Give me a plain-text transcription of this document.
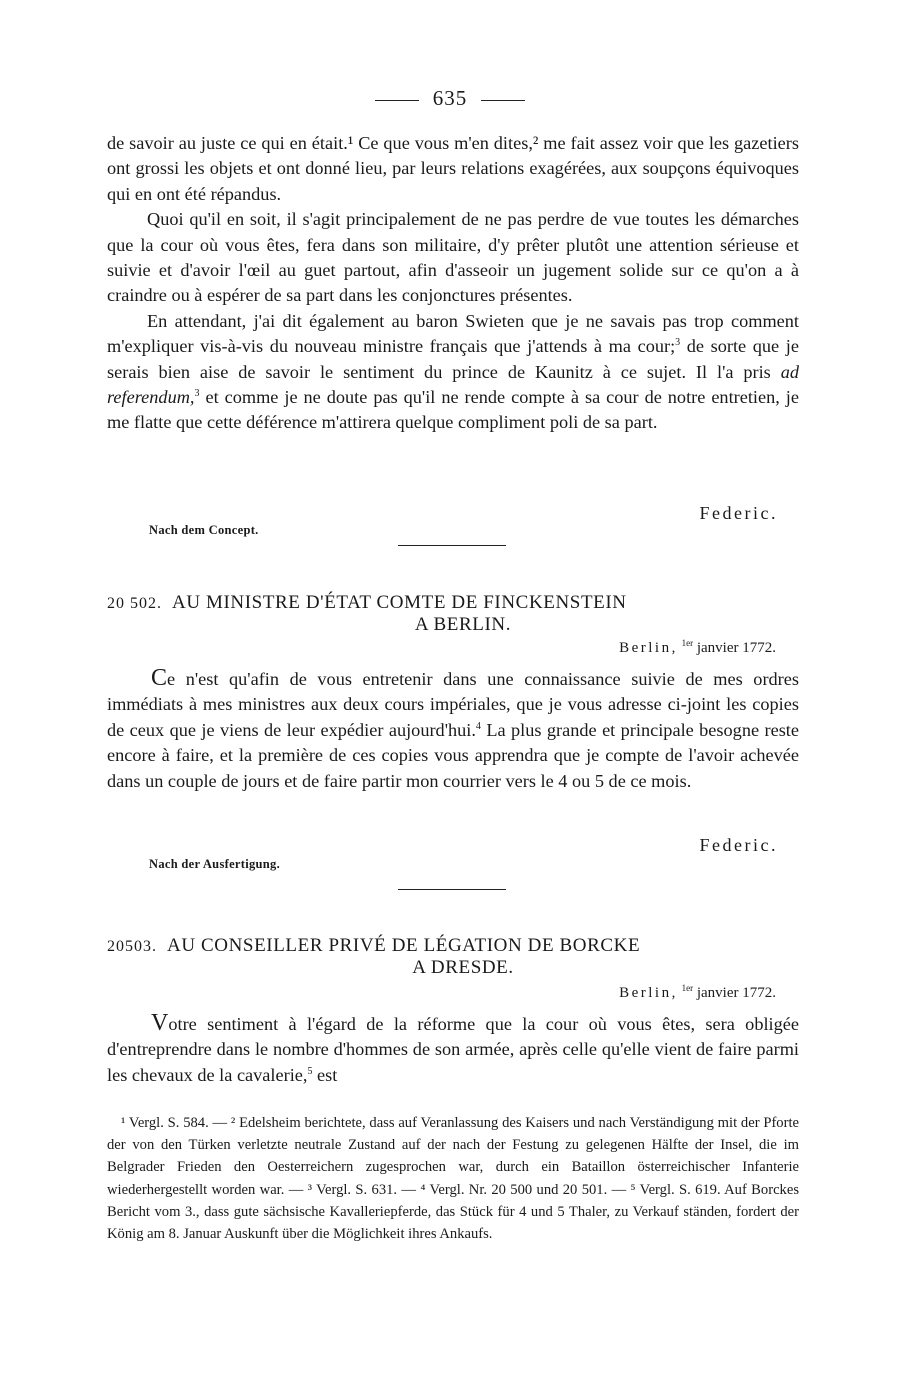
635

de savoir au juste ce qui en était.¹ Ce que vous m'en dites,² me fait assez voir que les gazetiers ont grossi les objets et ont donné lieu, par leurs relations exagérées, aux soupçons équivoques qui en ont été répandus.

Quoi qu'il en soit, il s'agit principalement de ne pas perdre de vue toutes les démarches que la cour où vous êtes, fera dans son militaire, d'y prêter plutôt une attention sérieuse et suivie et d'avoir l'œil au guet partout, afin d'asseoir un jugement solide sur ce qu'on a à craindre ou à espérer de sa part dans les conjonctures présentes.

En attendant, j'ai dit également au baron Swieten que je ne savais pas trop comment m'expliquer vis-à-vis du nouveau ministre français que j'attends à ma cour;$^3$ de sorte que je serais bien aise de savoir le sentiment du prince de Kaunitz à ce sujet. Il l'a pris ad referendum,$^3$ et comme je ne doute pas qu'il ne rende compte à sa cour de notre entretien, je me flatte que cette déférence m'attirera quelque compliment poli de sa part.

Federic.
Nach dem Concept.
20 502. AU MINISTRE D'ÉTAT COMTE DE FINCKENSTEIN
A BERLIN.
Berlin, $^{1er}$ janvier 1772.

Ce n'est qu'afin de vous entretenir dans une connaissance suivie de mes ordres immédiats à mes ministres aux deux cours impériales, que je vous adresse ci-joint les copies de ceux que je viens de leur expédier aujourd'hui.$^4$ La plus grande et principale besogne reste encore à faire, et la première de ces copies vous apprendra que je compte de l'avoir achevée dans un couple de jours et de faire partir mon courrier vers le 4 ou 5 de ce mois.

Federic.
Nach der Ausfertigung.
20503. AU CONSEILLER PRIVÉ DE LÉGATION DE BORCKE
A DRESDE.
Berlin, $^{1er}$ janvier 1772.

Votre sentiment à l'égard de la réforme que la cour où vous êtes, sera obligée d'entreprendre dans le nombre d'hommes de son armée, après celle qu'elle vient de faire parmi les chevaux de la cavalerie,$^5$ est

¹ Vergl. S. 584. — ² Edelsheim berichtete, dass auf Veranlassung des Kaisers und nach Verständigung mit der Pforte der von den Türken verletzte neutrale Zustand auf der nach der Festung zu gelegenen Hälfte der Insel, die im Belgrader Frieden den Oesterreichern zugesprochen war, durch ein Bataillon österreichischer Infanterie wiederhergestellt worden war. — ³ Vergl. S. 631. — ⁴ Vergl. Nr. 20 500 und 20 501. — ⁵ Vergl. S. 619. Auf Borckes Bericht vom 3., dass gute sächsische Kavalleriepferde, das Stück für 4 und 5 Thaler, zu Verkauf ständen, fordert der König am 8. Januar Auskunft über die Möglichkeit ihres Ankaufs.
